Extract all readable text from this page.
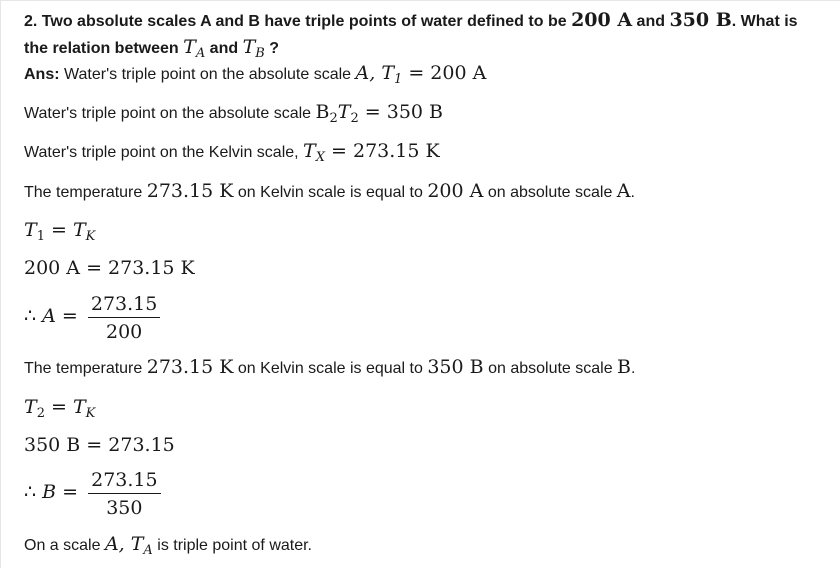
2. Two absolute scales A and B have triple points of water defined to be 200 A and 350 B. What is
the relation between $T_A$ and $T_B$ ?
Ans: Water's triple point on the absolute scale A, $T_1 = 200$ A
Water's triple point on the absolute scale $B_2T_2 = 350$ B
Water's triple point on the Kelvin scale, $T_X = 273.15$ K
The temperature 273.15 K on Kelvin scale is equal to 200 A on absolute scale A.
$T_1 = T_K$
200 A = 273.15 K
∴ $A = \frac{273.15}{200}$
The temperature 273.15 K on Kelvin scale is equal to 350 B on absolute scale B.
$T_2 = T_K$
350 B = 273.15
∴ $B = \frac{273.15}{350}$
On a scale A, $T_A$ is triple point of water.
